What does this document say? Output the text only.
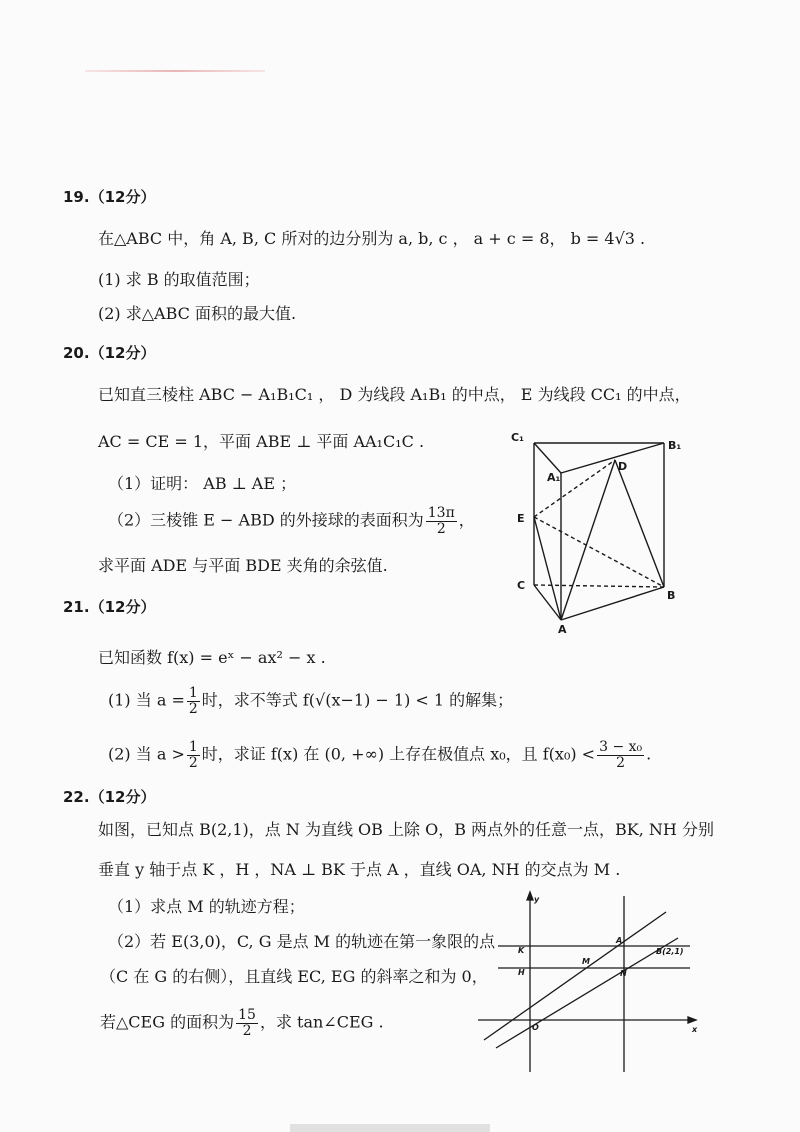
19.（12分）
在△ABC 中，角 A, B, C 所对的边分别为 a, b, c ， a + c = 8， b = 4√3 .
(1) 求 B 的取值范围；
(2) 求△ABC 面积的最大值.
20.（12分）
已知直三棱柱 ABC − A₁B₁C₁ ， D 为线段 A₁B₁ 的中点， E 为线段 CC₁ 的中点，
AC = CE = 1，平面 ABE ⊥ 平面 AA₁C₁C .
（1）证明： AB ⊥ AE ；
（2）三棱锥 E − ABD 的外接球的表面积为 $\frac{13\pi}{2}$ ，
求平面 ADE 与平面 BDE 夹角的余弦值.
C₁
B₁
A₁
D
E
C
B
A
21.（12分）
已知函数 f(x) = eˣ − ax² − x .
(1) 当 $a = \frac{1}{2}$ 时，求不等式 f(√(x−1) − 1) < 1 的解集；
(2) 当 $a > \frac{1}{2}$ 时，求证 f(x) 在 (0, +∞) 上存在极值点 x₀，且 $f(x_0) < \frac{\text{3 − x₀}}{2}$ .
22.（12分）
如图，已知点 B(2,1)，点 N 为直线 OB 上除 O，B 两点外的任意一点，BK, NH 分别
垂直 y 轴于点 K ，H ，NA ⊥ BK 于点 A ，直线 OA, NH 的交点为 M .
（1）求点 M 的轨迹方程；
（2）若 E(3,0)，C, G 是点 M 的轨迹在第一象限的点
（C 在 G 的右侧），且直线 EC, EG 的斜率之和为 0，
若△CEG 的面积为 $\frac{15}{2}$ ，求 tan∠CEG .
y
x
O
K
H
A
M
N
B(2,1)
